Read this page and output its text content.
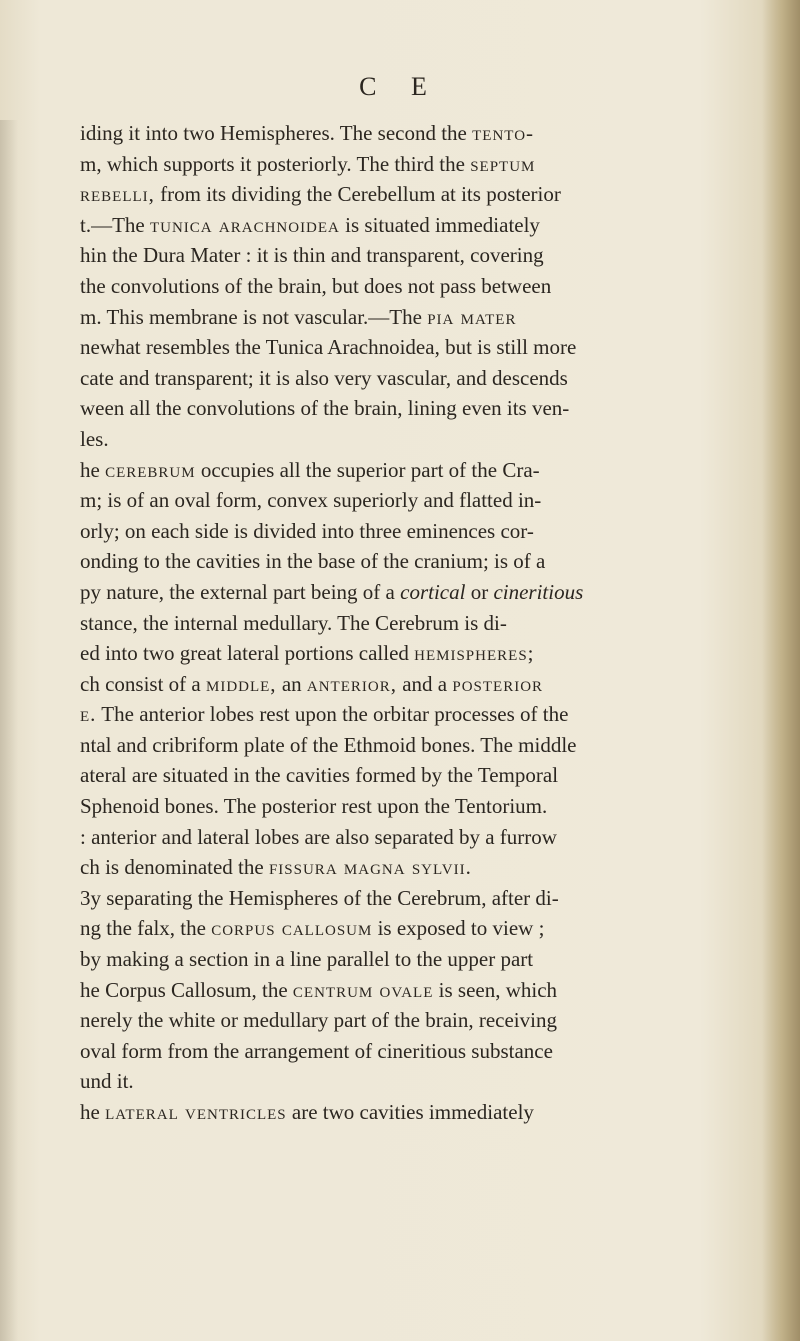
C E
iding it into two Hemispheres. The second the tento-
m, which supports it posteriorly. The third the septum
rebelli, from its dividing the Cerebellum at its posterior
t.—The tunica arachnoidea is situated immediately
hin the Dura Mater : it is thin and transparent, covering
the convolutions of the brain, but does not pass between
m. This membrane is not vascular.—The pia mater
newhat resembles the Tunica Arachnoidea, but is still more
cate and transparent; it is also very vascular, and descends
ween all the convolutions of the brain, lining even its ven-
les.
he cerebrum occupies all the superior part of the Cra-
m; is of an oval form, convex superiorly and flatted in-
orly; on each side is divided into three eminences cor-
onding to the cavities in the base of the cranium; is of a
py nature, the external part being of a cortical or cineritious
stance, the internal medullary. The Cerebrum is di-
ed into two great lateral portions called hemispheres;
ch consist of a middle, an anterior, and a posterior
e. The anterior lobes rest upon the orbitar processes of the
ntal and cribriform plate of the Ethmoid bones. The middle
ateral are situated in the cavities formed by the Temporal
Sphenoid bones. The posterior rest upon the Tentorium.
: anterior and lateral lobes are also separated by a furrow
ch is denominated the fissura magna sylvii.
3y separating the Hemispheres of the Cerebrum, after di-
ng the falx, the corpus callosum is exposed to view ;
by making a section in a line parallel to the upper part
he Corpus Callosum, the centrum ovale is seen, which
nerely the white or medullary part of the brain, receiving
oval form from the arrangement of cineritious substance
und it.
he lateral ventricles are two cavities immediately
